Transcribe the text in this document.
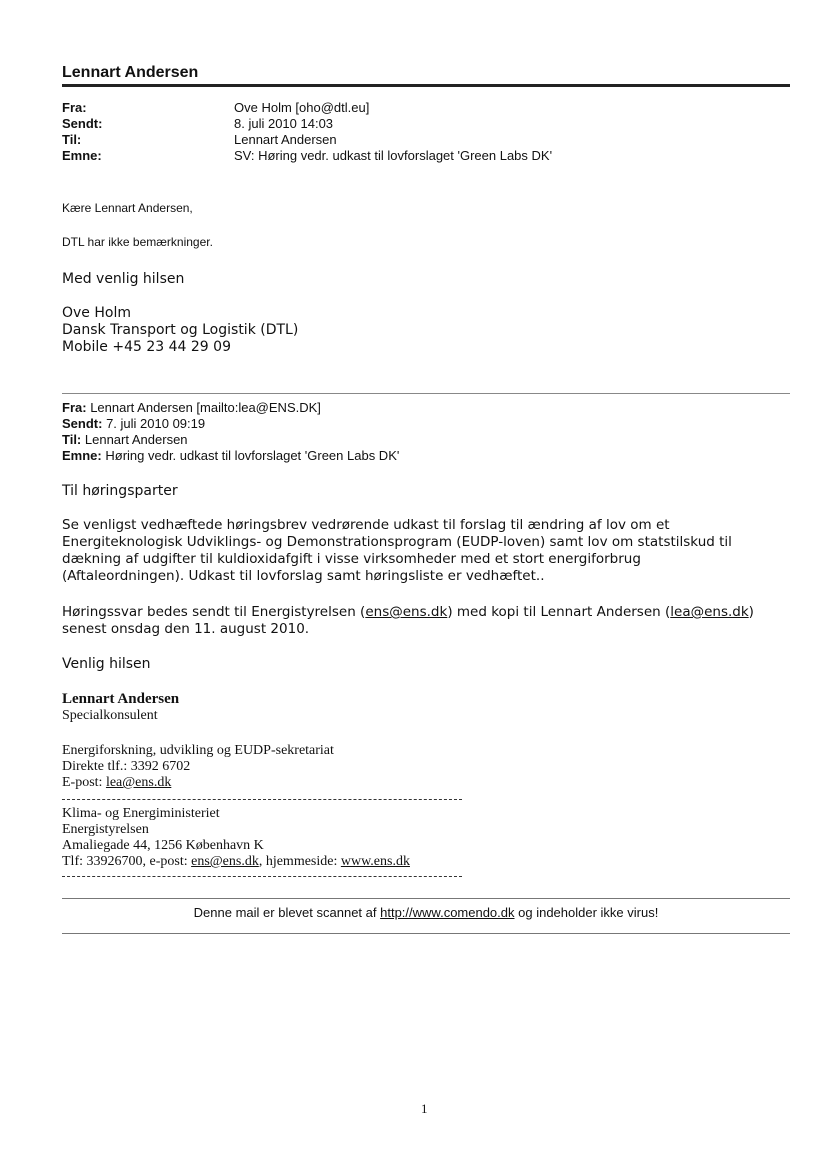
Lennart Andersen
Fra:	Ove Holm [oho@dtl.eu]
Sendt:	8. juli 2010 14:03
Til:	Lennart Andersen
Emne:	SV: Høring vedr. udkast til lovforslaget 'Green Labs DK'
Kære Lennart Andersen,
DTL har ikke bemærkninger.
Med venlig hilsen
Ove Holm
Dansk Transport og Logistik (DTL)
Mobile +45 23 44 29 09
Fra: Lennart Andersen [mailto:lea@ENS.DK]
Sendt: 7. juli 2010 09:19
Til: Lennart Andersen
Emne: Høring vedr. udkast til lovforslaget 'Green Labs DK'
Til høringsparter
Se venligst vedhæftede høringsbrev vedrørende udkast til forslag til ændring af lov om et
Energiteknologisk Udviklings- og Demonstrationsprogram (EUDP-loven) samt lov om statstilskud til
dækning af udgifter til kuldioxidafgift i visse virksomheder med et stort energiforbrug
(Aftaleordningen). Udkast til lovforslag samt høringsliste er vedhæftet..
Høringssvar bedes sendt til Energistyrelsen (ens@ens.dk) med kopi til Lennart Andersen (lea@ens.dk)
senest onsdag den 11. august 2010.
Venlig hilsen
Lennart Andersen
Specialkonsulent
Energiforskning, udvikling og EUDP-sekretariat
Direkte tlf.: 3392 6702
E-post: lea@ens.dk
Klima- og Energiministeriet
Energistyrelsen
Amaliegade 44, 1256 København K
Tlf: 33926700, e-post: ens@ens.dk, hjemmeside: www.ens.dk
Denne mail er blevet scannet af http://www.comendo.dk og indeholder ikke virus!
1
